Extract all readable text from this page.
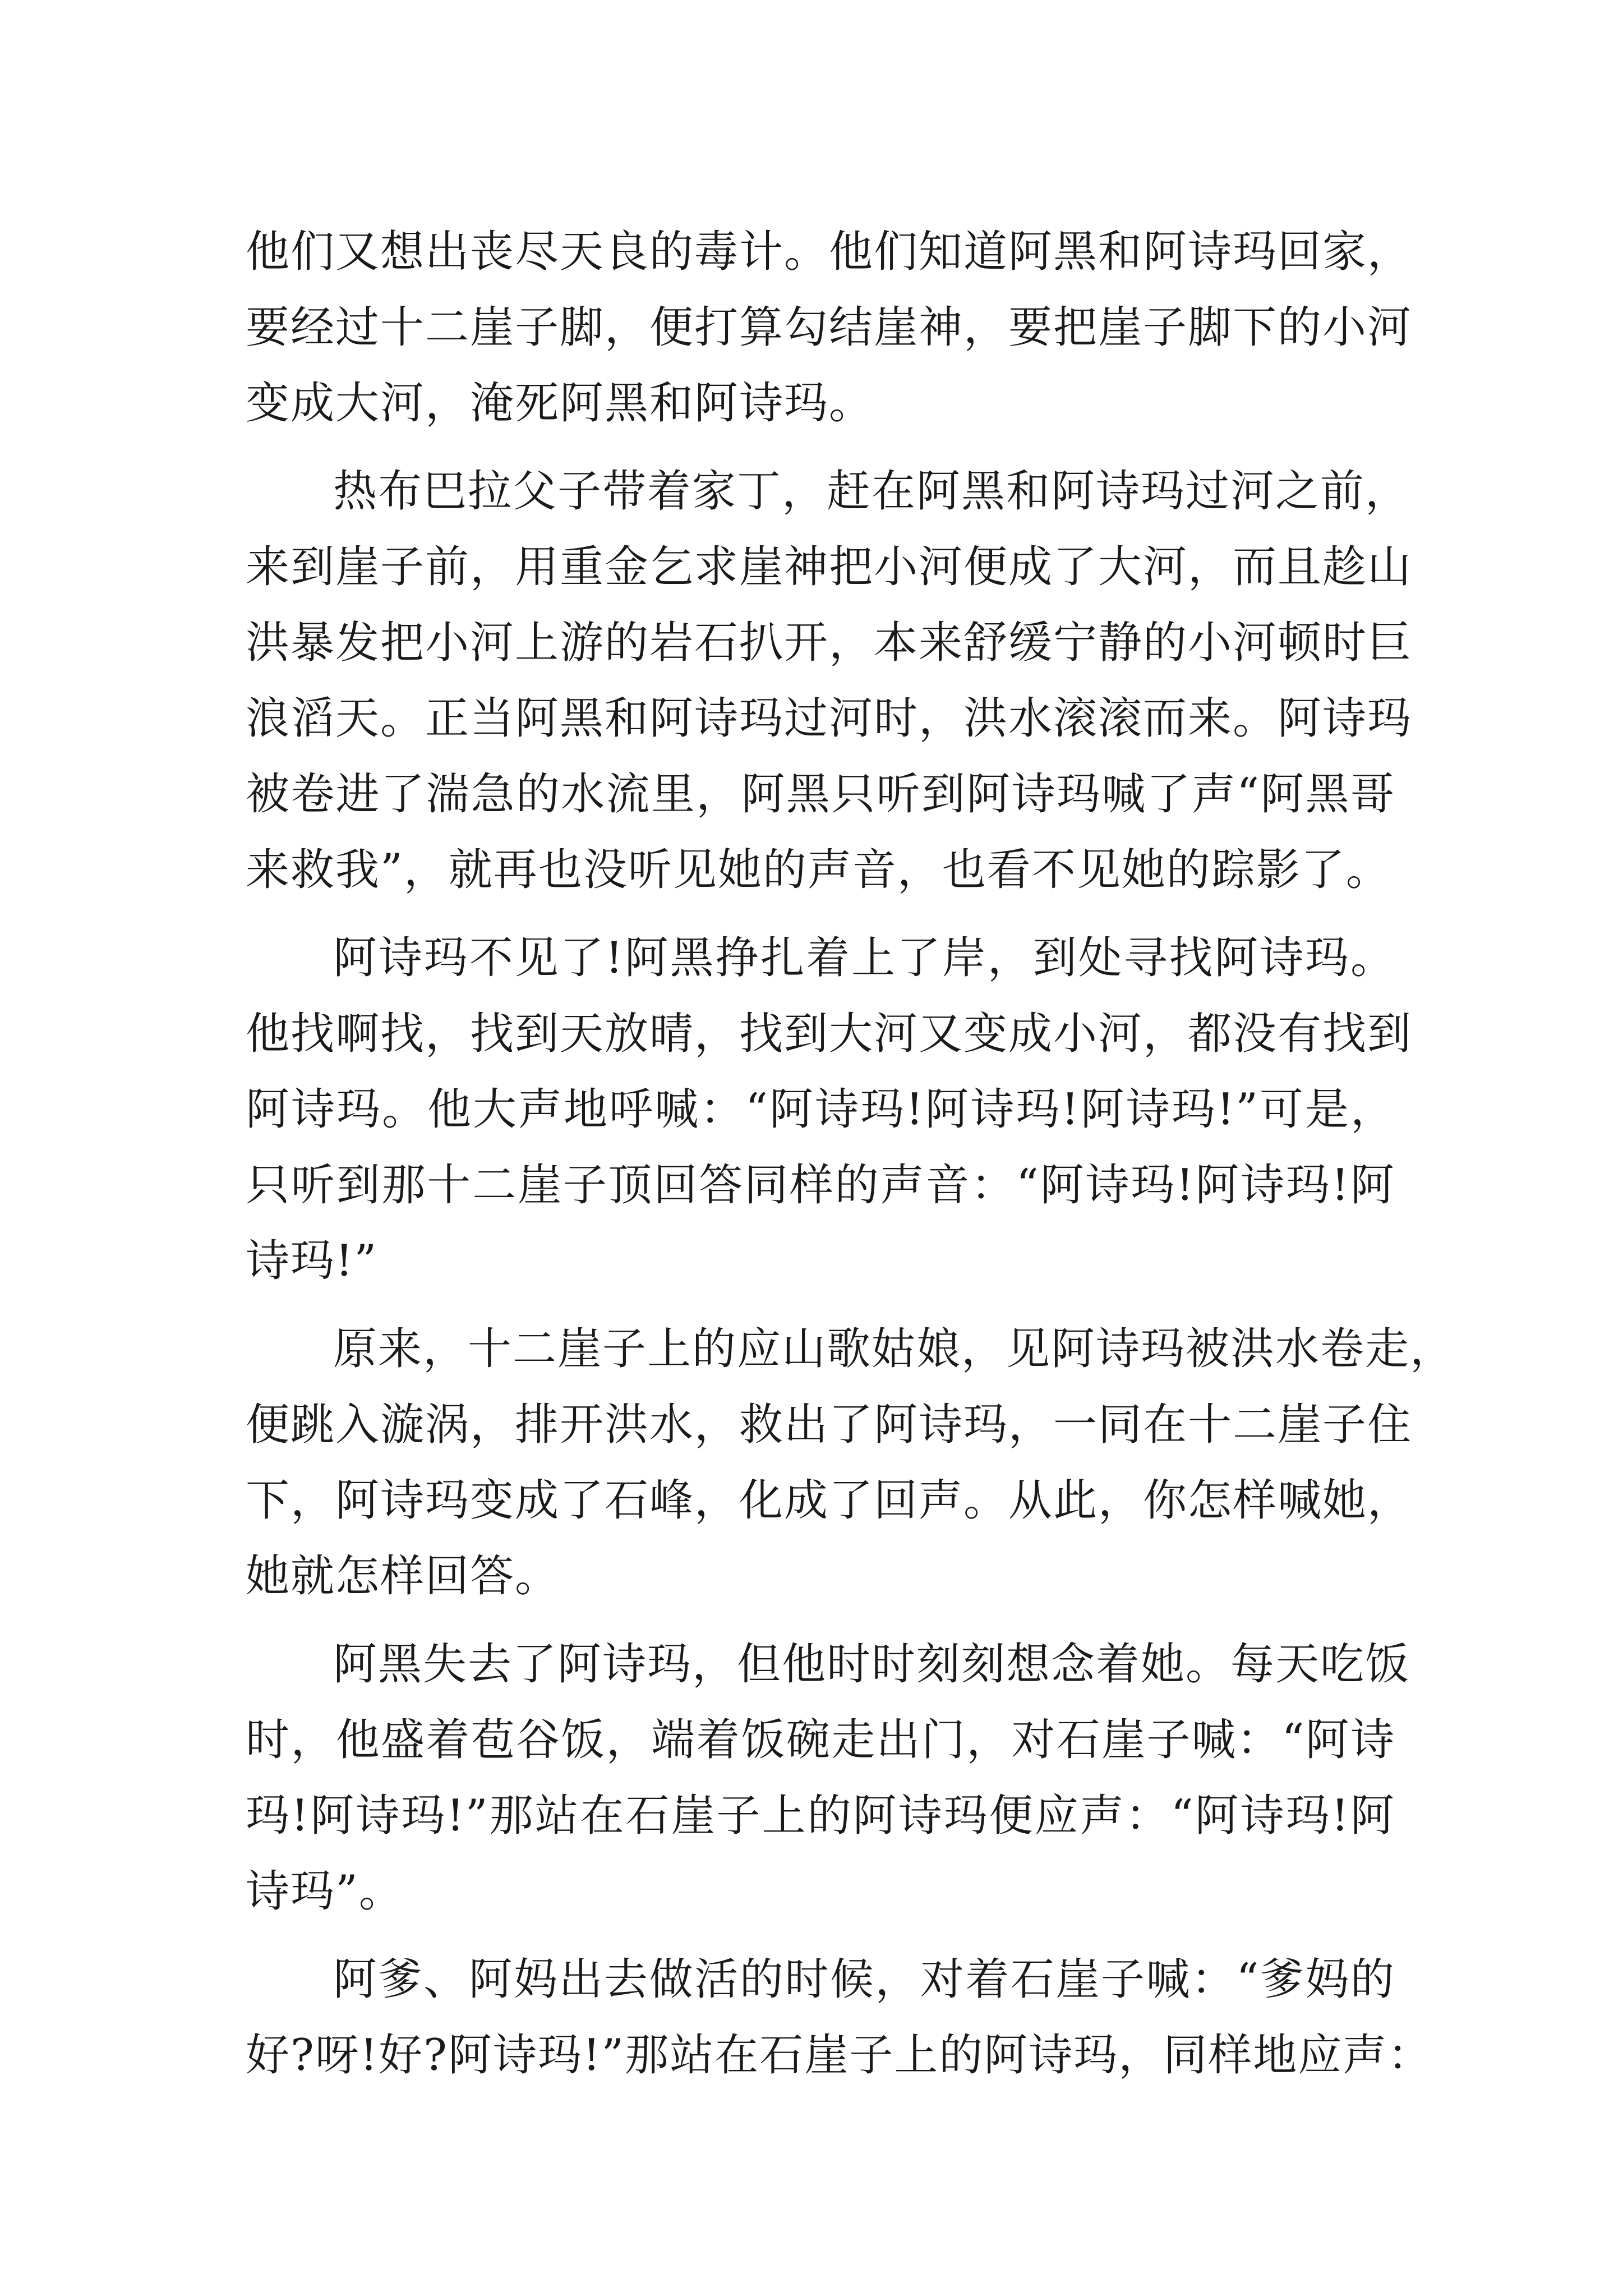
他们又想出丧尽天良的毒计。他们知道阿黑和阿诗玛回家，
要经过十二崖子脚，便打算勾结崖神，要把崖子脚下的小河
变成大河，淹死阿黑和阿诗玛。
热布巴拉父子带着家丁，赶在阿黑和阿诗玛过河之前，
来到崖子前，用重金乞求崖神把小河便成了大河，而且趁山
洪暴发把小河上游的岩石扒开，本来舒缓宁静的小河顿时巨
浪滔天。正当阿黑和阿诗玛过河时，洪水滚滚而来。阿诗玛
被卷进了湍急的水流里，阿黑只听到阿诗玛喊了声“阿黑哥
来救我”，就再也没听见她的声音，也看不见她的踪影了。
阿诗玛不见了!阿黑挣扎着上了岸，到处寻找阿诗玛。
他找啊找，找到天放晴，找到大河又变成小河，都没有找到
阿诗玛。他大声地呼喊：“阿诗玛!阿诗玛!阿诗玛!”可是，
只听到那十二崖子顶回答同样的声音：“阿诗玛!阿诗玛!阿
诗玛!”
原来，十二崖子上的应山歌姑娘，见阿诗玛被洪水卷走，
便跳入漩涡，排开洪水，救出了阿诗玛，一同在十二崖子住
下，阿诗玛变成了石峰，化成了回声。从此，你怎样喊她，
她就怎样回答。
阿黑失去了阿诗玛，但他时时刻刻想念着她。每天吃饭
时，他盛着苞谷饭，端着饭碗走出门，对石崖子喊：“阿诗
玛!阿诗玛!”那站在石崖子上的阿诗玛便应声：“阿诗玛!阿
诗玛”。
阿爹、阿妈出去做活的时候，对着石崖子喊：“爹妈的
好?呀!好?阿诗玛!”那站在石崖子上的阿诗玛，同样地应声：
